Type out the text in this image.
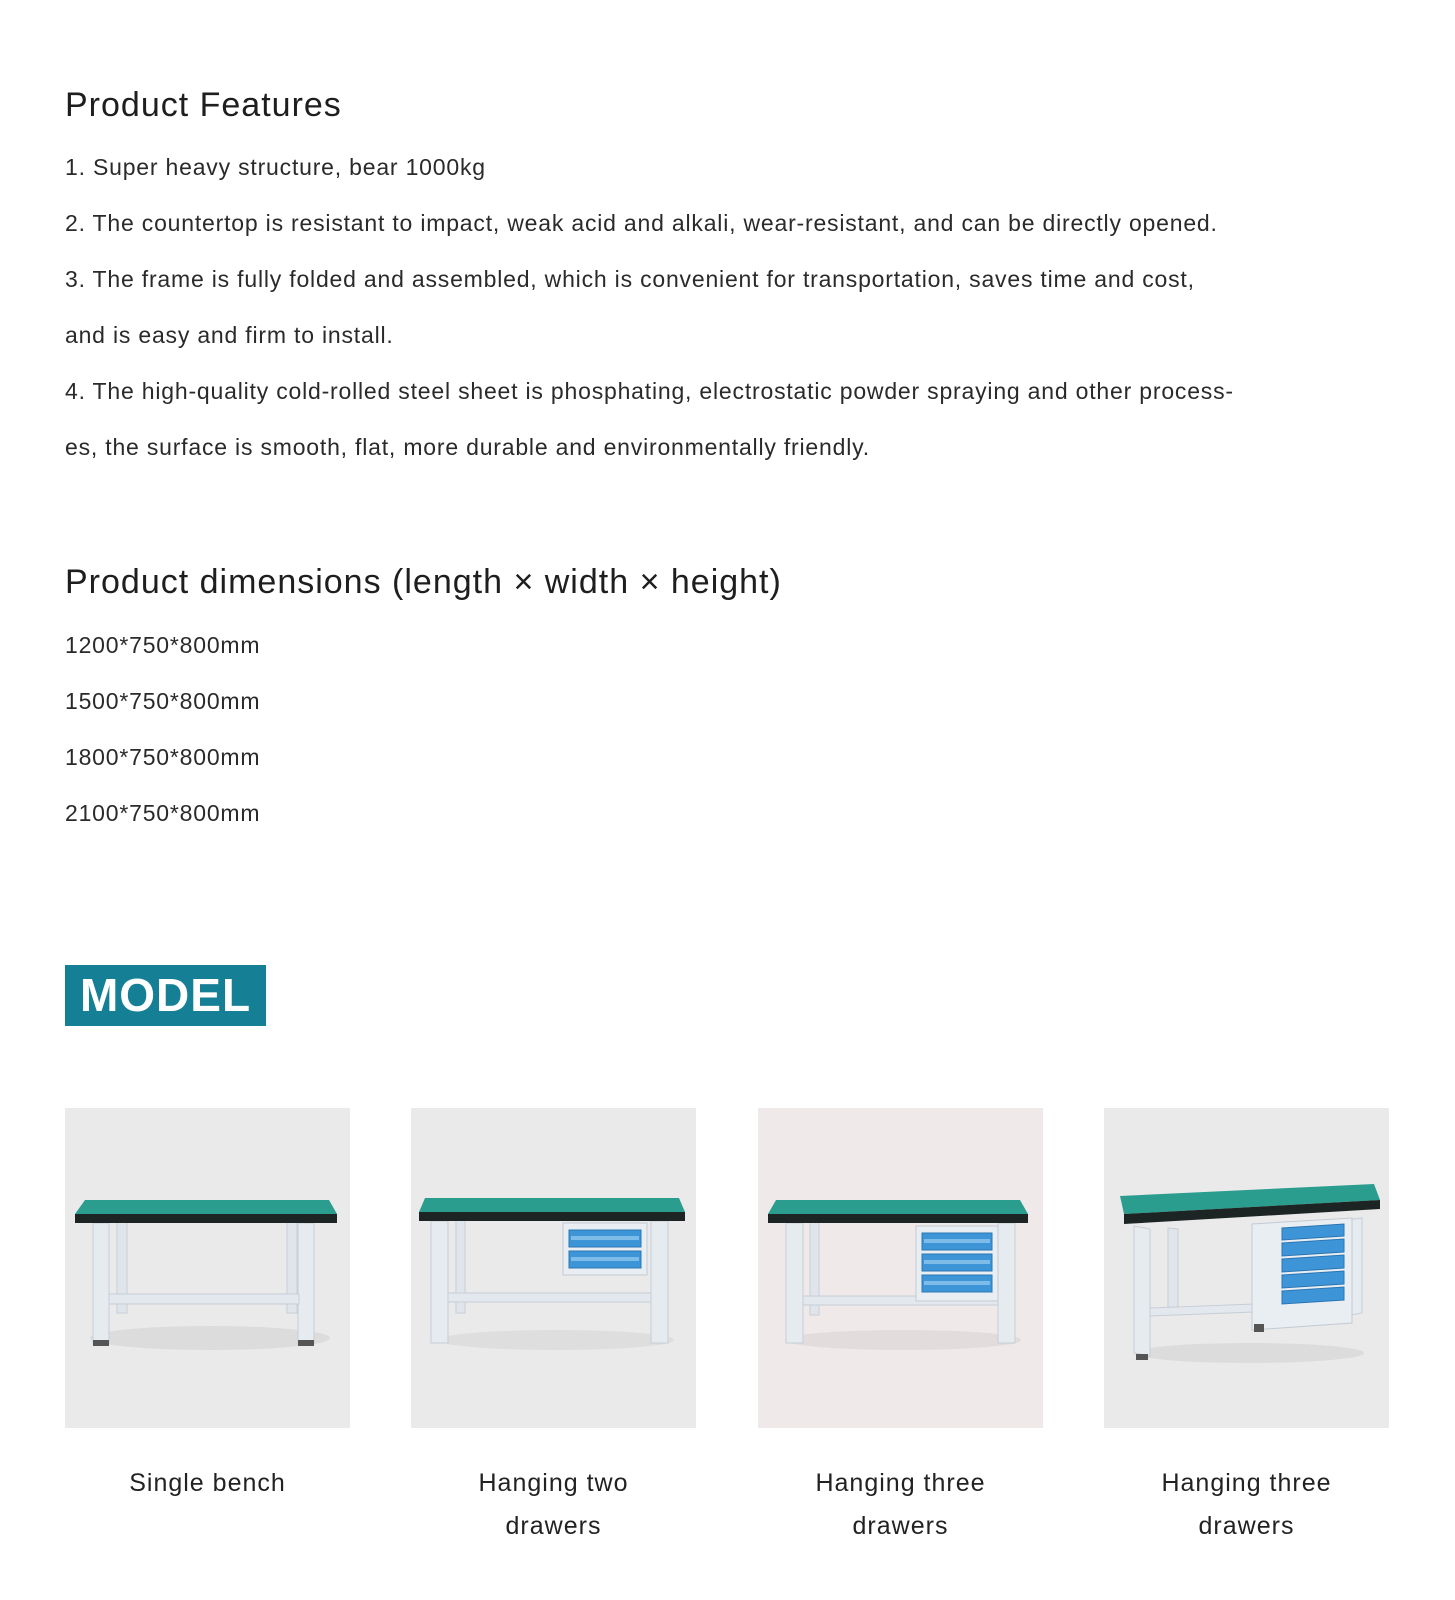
Product Features
1. Super heavy structure, bear 1000kg
2. The countertop is resistant to impact, weak acid and alkali, wear-resistant, and can be directly opened.
3. The frame is fully folded and assembled, which is convenient for transportation, saves time and cost,
and is easy and firm to install.
4. The high-quality cold-rolled steel sheet is phosphating, electrostatic powder spraying and other process-
es, the surface is smooth, flat, more durable and environmentally friendly.
Product dimensions (length × width × height)
1200*750*800mm
1500*750*800mm
1800*750*800mm
2100*750*800mm
MODEL
Single bench	Hanging two
drawers
Hanging three
drawers
Hanging three
drawers
